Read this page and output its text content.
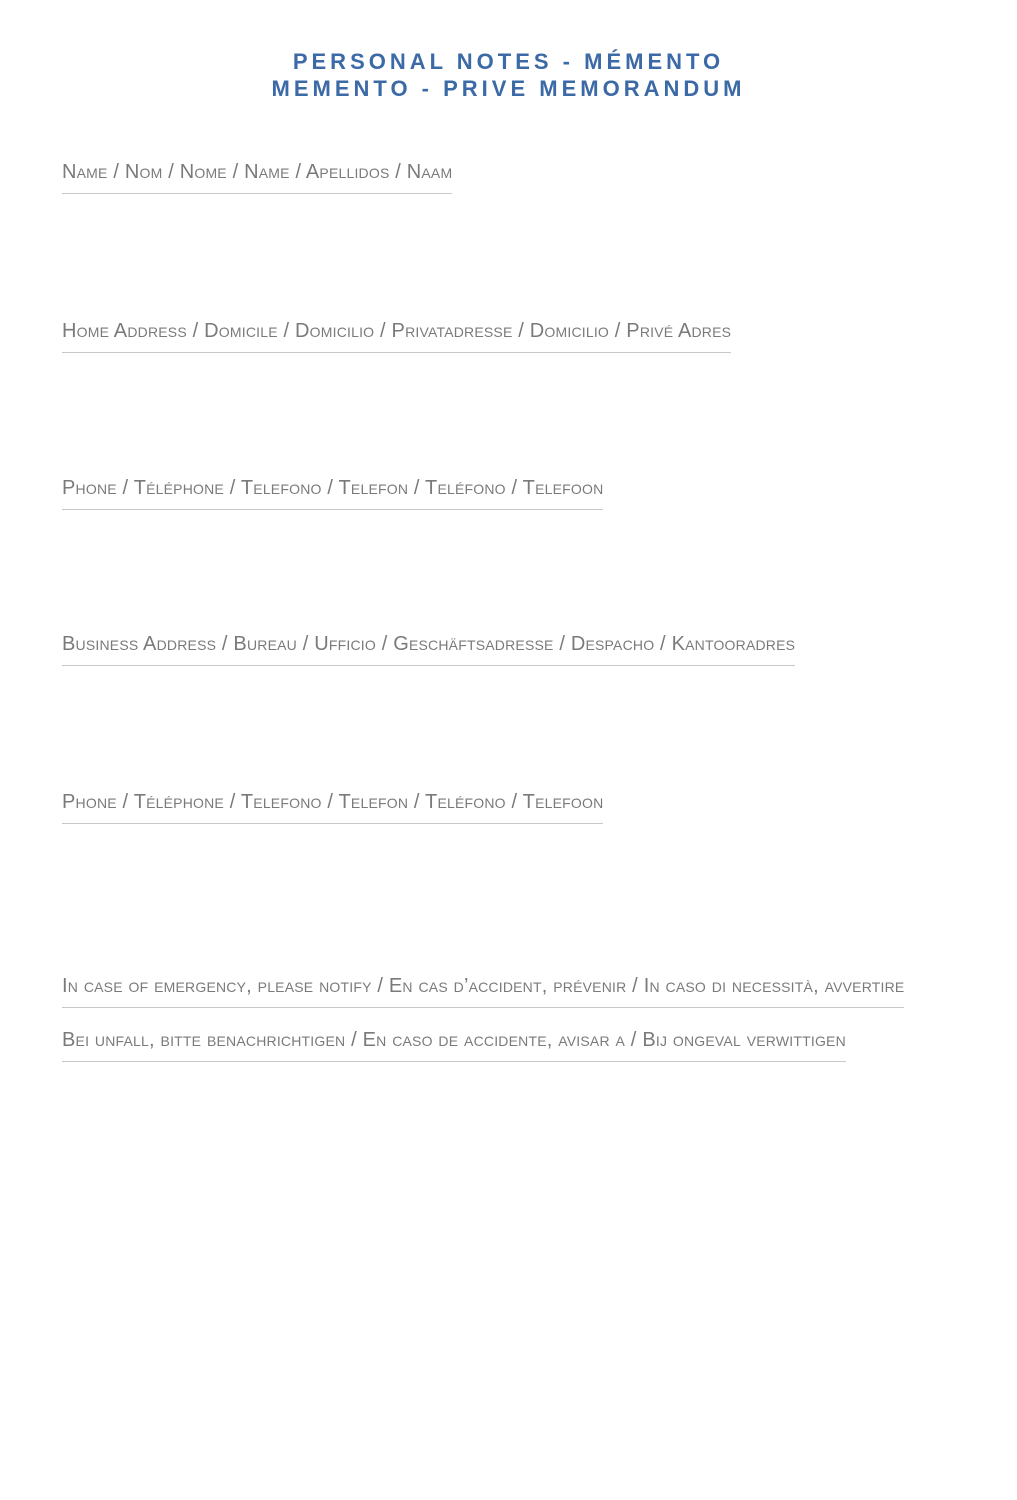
PERSONAL NOTES - MÉMENTO
MEMENTO - PRIVE MEMORANDUM
Name / Nom / Nome / Name / Apellidos / Naam
Home Address / Domicile / Domicilio / Privatadresse / Domicilio / Privé Adres
Phone / Téléphone / Telefono / Telefon / Teléfono / Telefoon
Business Address / Bureau / Ufficio / Geschäftsadresse / Despacho / Kantooradres
Phone / Téléphone / Telefono / Telefon / Teléfono / Telefoon
In case of emergency, please notify / En cas d’accident, prévenir / In caso di necessità, avvertire
Bei unfall, bitte benachrichtigen / En caso de accidente, avisar a / Bij ongeval verwittigen
